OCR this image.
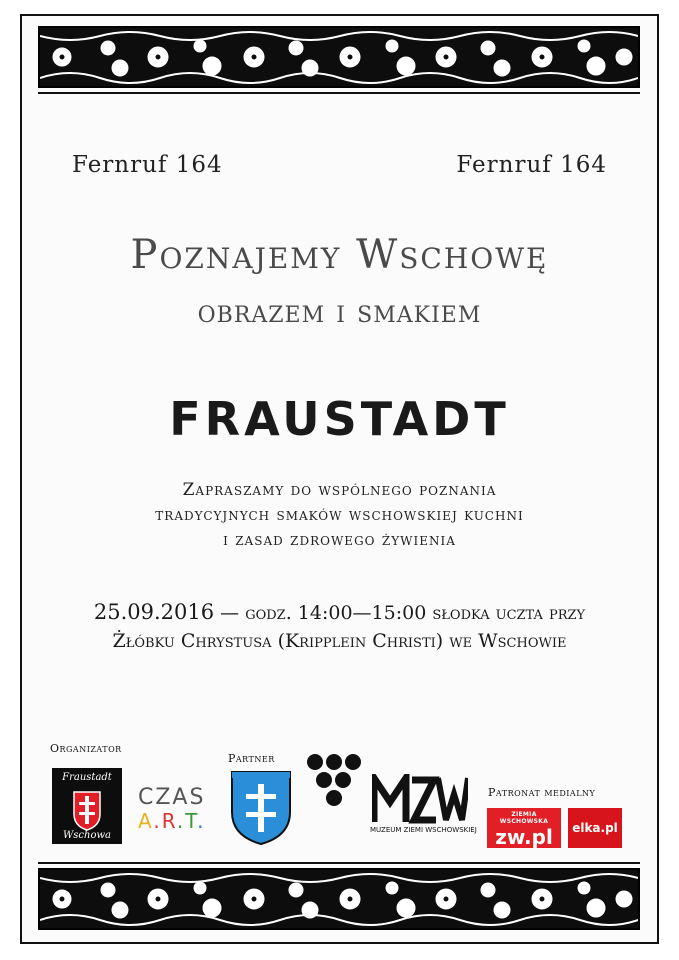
Fernruf 164	Fernruf 164
Poznajemy Wschowę
obrazem i smakiem
FRAUSTADT
Zapraszamy do wspólnego poznania
tradycyjnych smaków wschowskiej kuchni
i zasad zdrowego żywienia
25.09.2016 — godz. 14:00—15:00 słodka uczta przy
Żłóbku Chrystusa (Kripplein Christi) we Wschowie
Organizator
Partner
Patronat medialny
Fraustadt
Wschowa
CZAS
A.R.T.	MUZEUM ZIEMI WSCHOWSKIEJ
ZIEMIA WSCHOWSKA
zw.pl	elka.pl
